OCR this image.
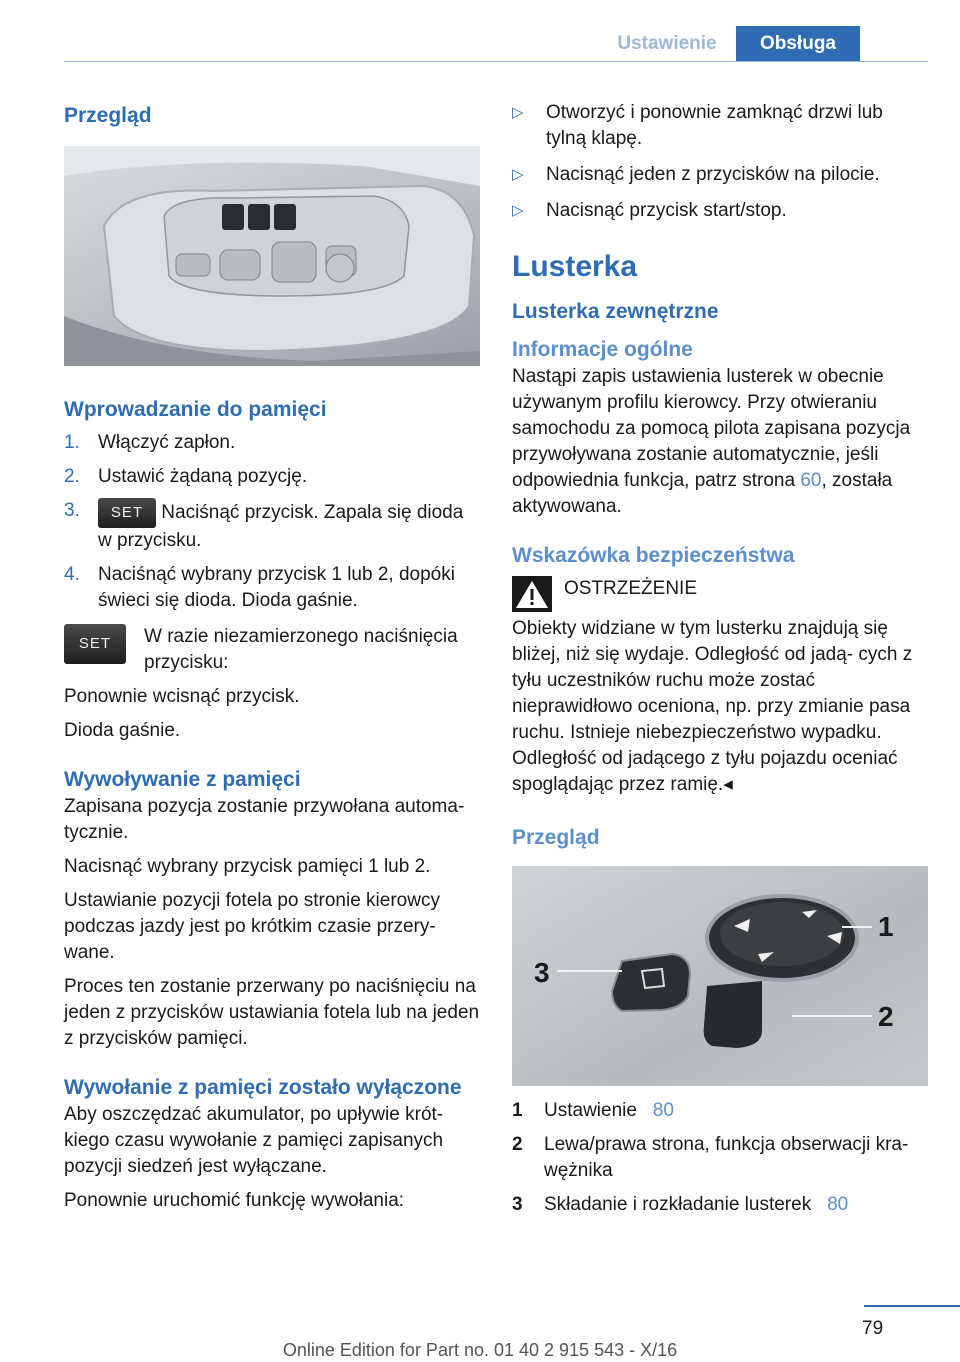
Ustawienie	Obsługa
Przegląd
Wprowadzanie do pamięci
1. Włączyć zapłon.
2. Ustawić żądaną pozycję.
3.	SET Naciśnąć przycisk. Zapala się dioda w przycisku.
4. Naciśnąć wybrany przycisk 1 lub 2, dopóki świeci się dioda. Dioda gaśnie.
SET	W razie niezamierzonego naciśnięcia przycisku:

Ponownie wcisnąć przycisk.

Dioda gaśnie.

Wywoływanie z pamięci

Zapisana pozycja zostanie przywołana automa- tycznie.

Nacisnąć wybrany przycisk pamięci 1 lub 2.

Ustawianie pozycji fotela po stronie kierowcy podczas jazdy jest po krótkim czasie przery- wane.

Proces ten zostanie przerwany po naciśnięciu na jeden z przycisków ustawiania fotela lub na jeden z przycisków pamięci.

Wywołanie z pamięci zostało wyłączone

Aby oszczędzać akumulator, po upływie krót- kiego czasu wywołanie z pamięci zapisanych pozycji siedzeń jest wyłączane.

Ponownie uruchomić funkcję wywołania:

▷	Otworzyć i ponownie zamknąć drzwi lub tylną klapę.
▷	Nacisnąć jeden z przycisków na pilocie.
▷	Nacisnąć przycisk start/stop.
Lusterka
Lusterka zewnętrzne
Informacje ogólne

Nastąpi zapis ustawienia lusterek w obecnie używanym profilu kierowcy. Przy otwieraniu samochodu za pomocą pilota zapisana pozycja przywoływana zostanie automatycznie, jeśli odpowiednia funkcja, patrz strona 60, została aktywowana.

Wskazówka bezpieczeństwa
OSTRZEŻENIE

Obiekty widziane w tym lusterku znajdują się bliżej, niż się wydaje. Odległość od jadą- cych z tyłu uczestników ruchu może zostać nieprawidłowo oceniona, np. przy zmianie pasa ruchu. Istnieje niebezpieczeństwo wypadku. Odległość od jadącego z tyłu pojazdu oceniać spoglądając przez ramię.◂

Przegląd
1
2
3
1	Ustawienie 80
2	Lewa/prawa strona, funkcja obserwacji kra- wężnika
3	Składanie i rozkładanie lusterek 80
79
Online Edition for Part no. 01 40 2 915 543 - X/16
